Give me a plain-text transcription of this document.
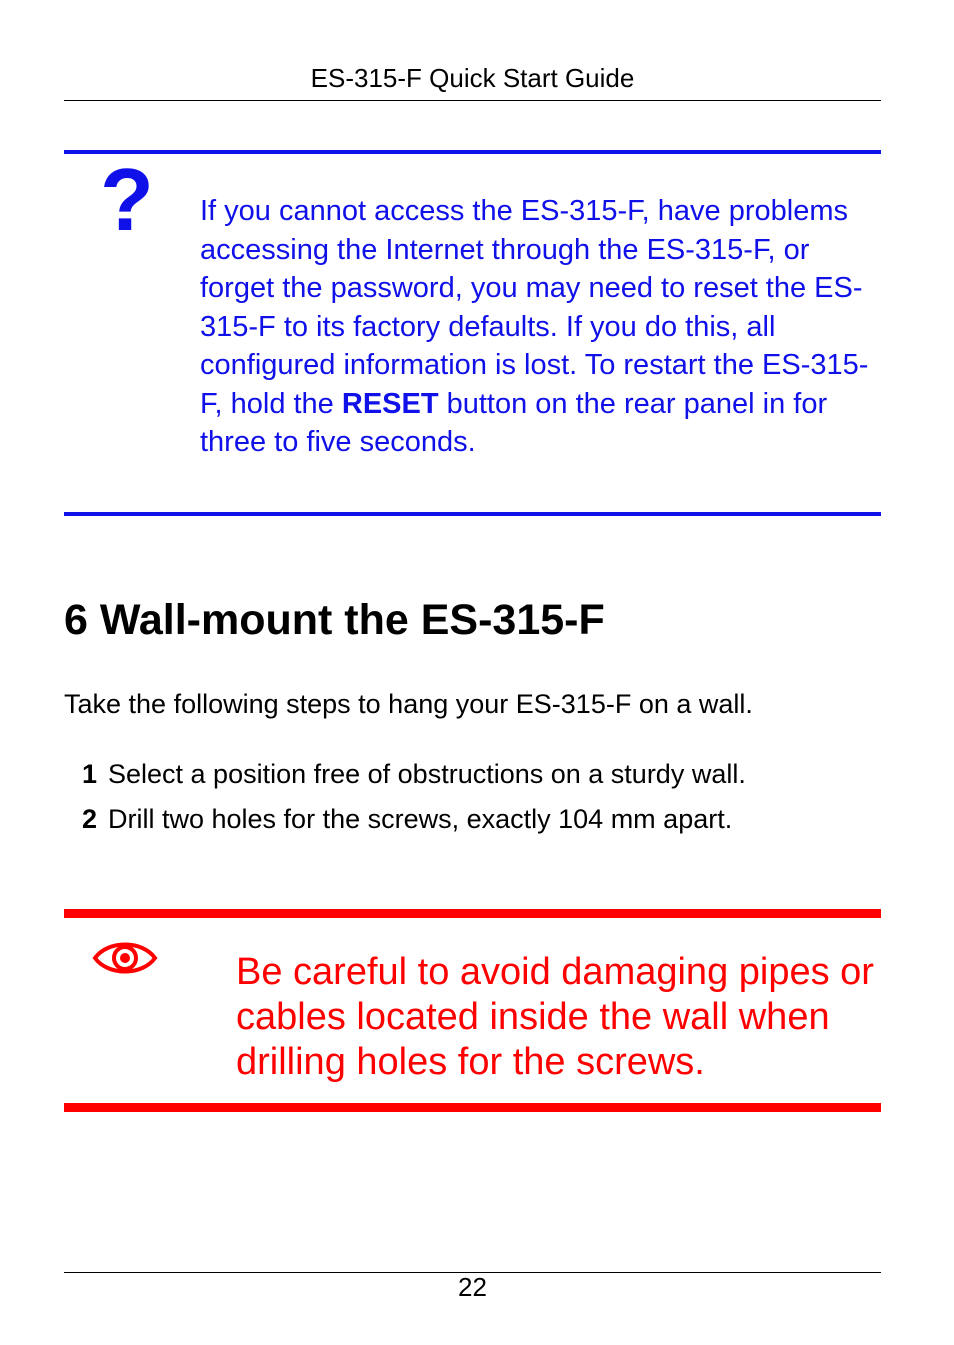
ES-315-F Quick Start Guide
? If you cannot access the ES-315-F, have problems accessing the Internet through the ES-315-F, or forget the password, you may need to reset the ES-315-F to its factory defaults. If you do this, all configured information is lost. To restart the ES-315-F, hold the RESET button on the rear panel in for three to five seconds.
6 Wall-mount the ES-315-F

Take the following steps to hang your ES-315-F on a wall.

1 Select a position free of obstructions on a sturdy wall.
2 Drill two holes for the screws, exactly 104 mm apart.
Be careful to avoid damaging pipes or cables located inside the wall when drilling holes for the screws.
22
